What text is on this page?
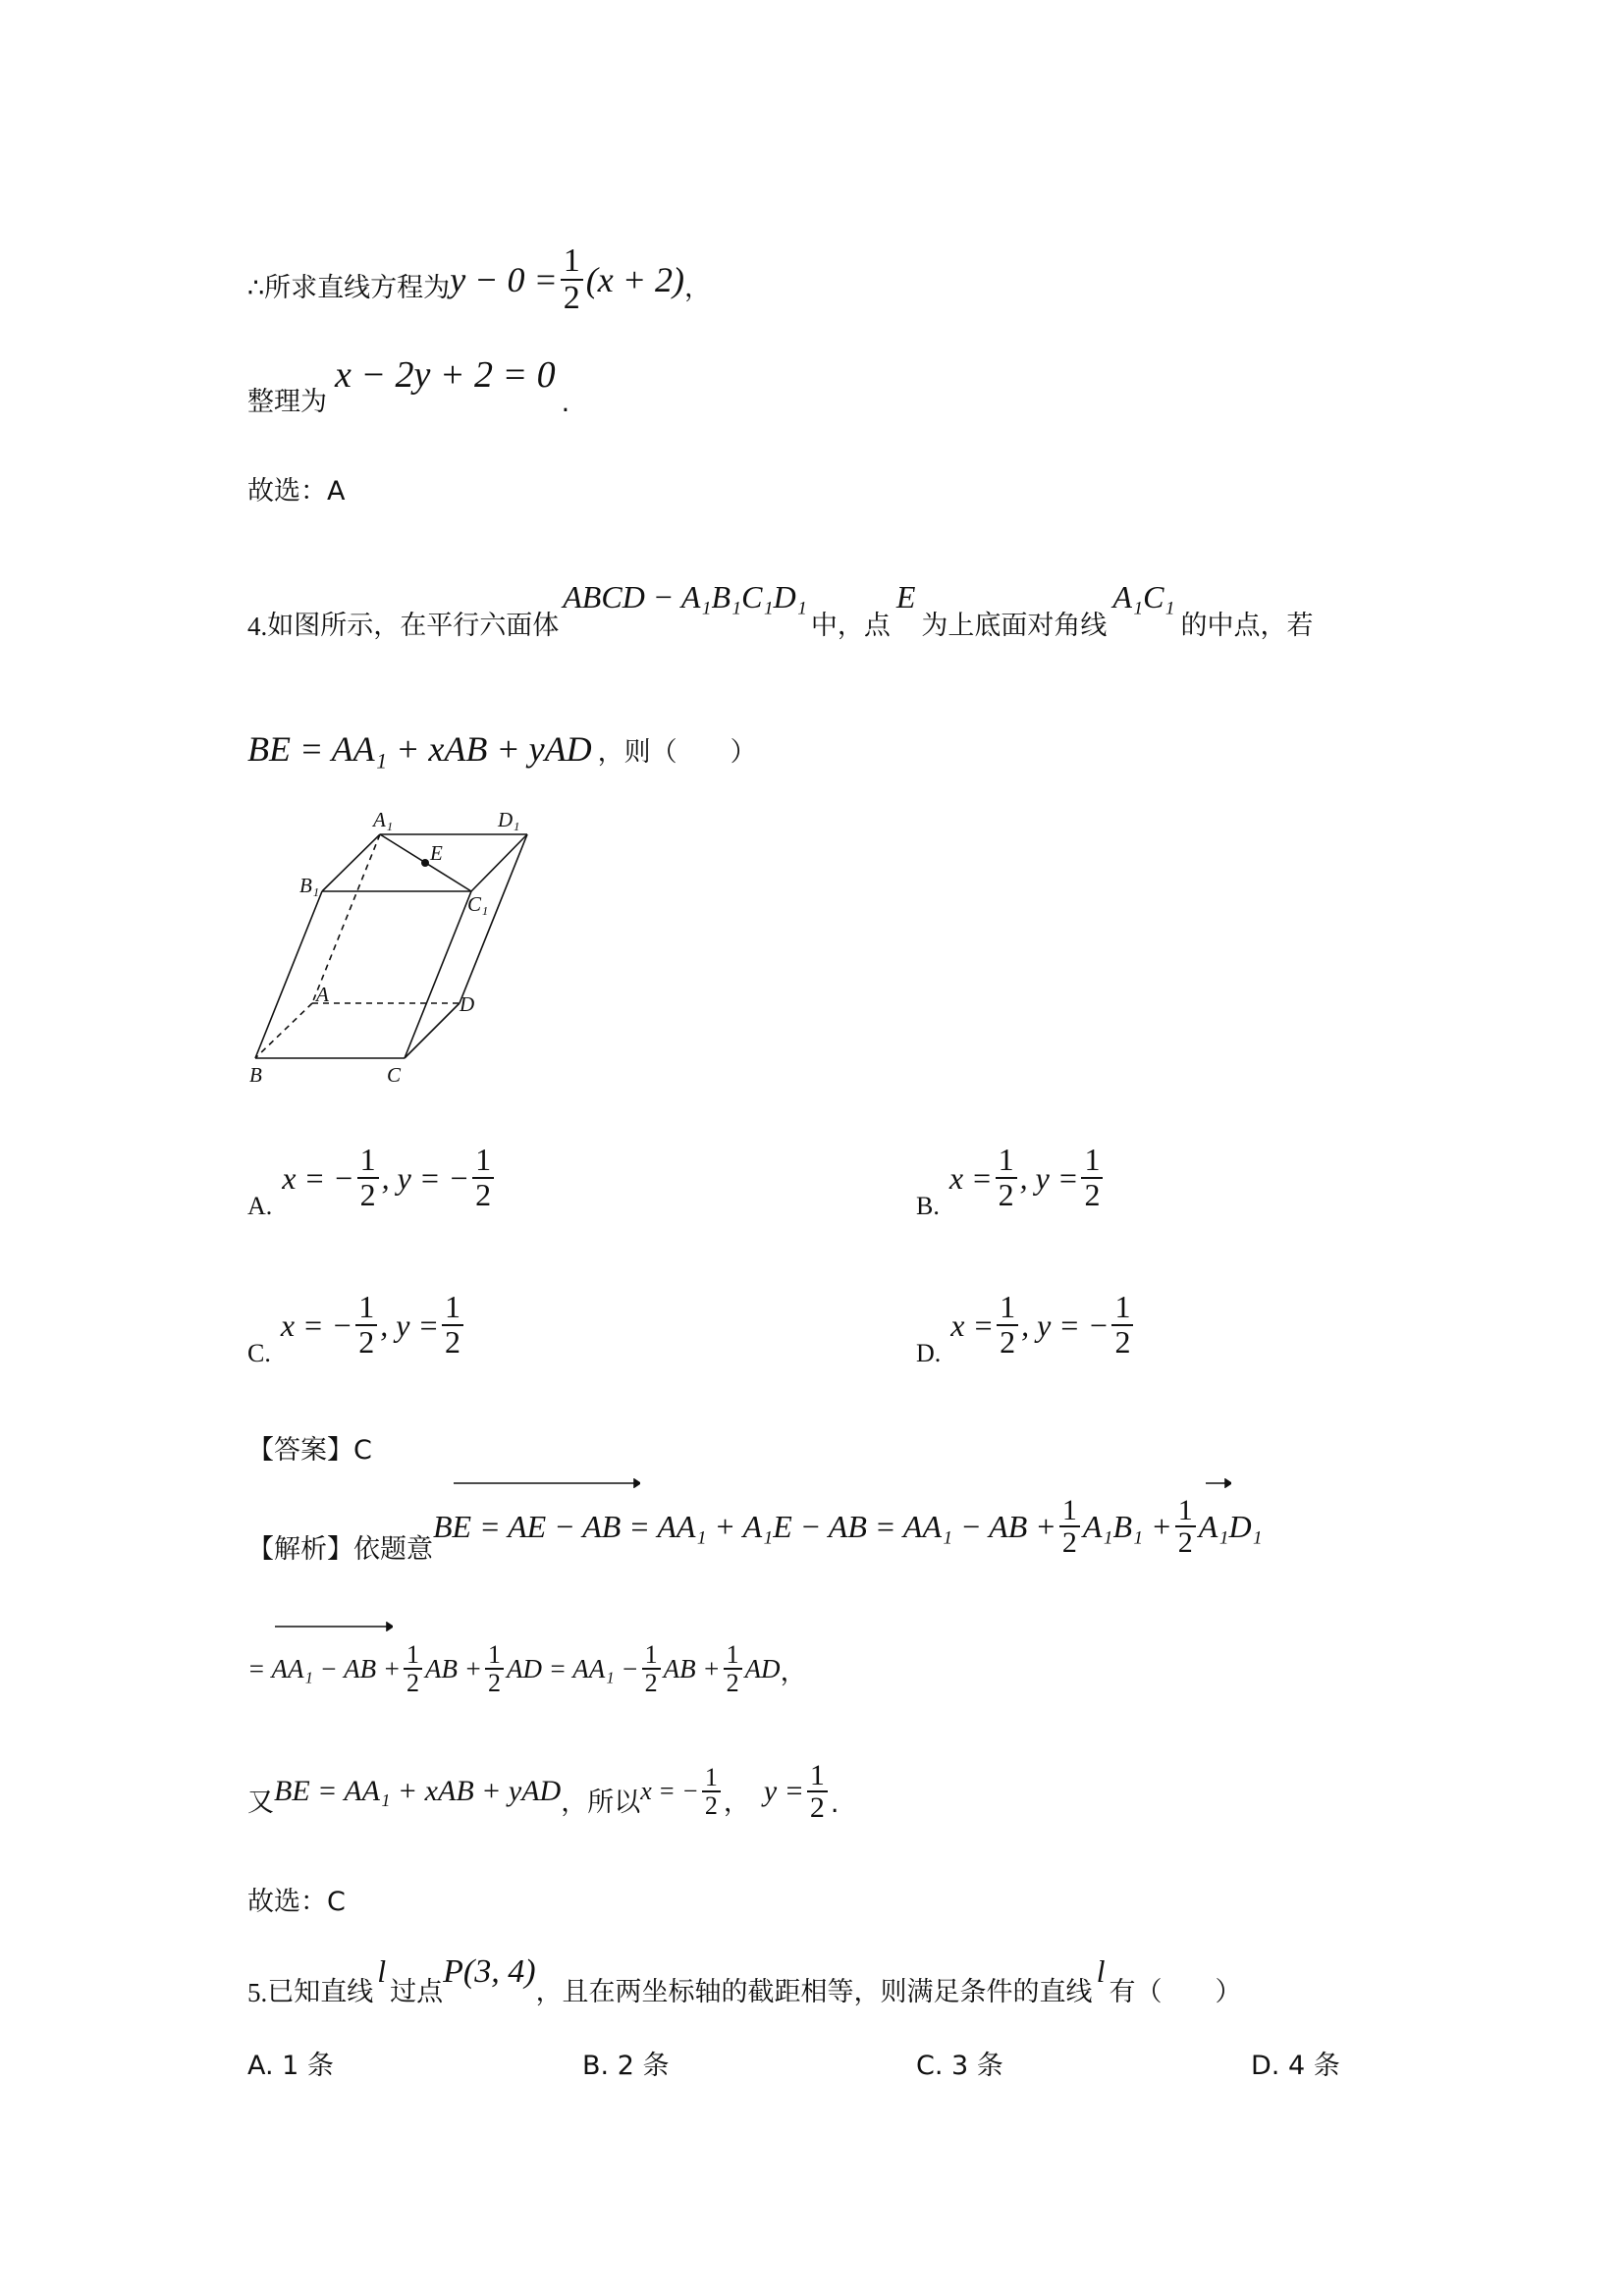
∴所求直线方程为 $y - 0 = \frac{1}{2} (x + 2)$ ，
整理为
x − 2y + 2 = 0
.
故选：A
4. 如图所示，在平行六面体
ABCD − A₁B₁C₁D₁
中，点
E
为上底面对角线
A₁C₁
的中点，若
BE = AA₁ + xAB + yAD ，则（　　）
A₁	D₁
E
B₁
C₁
A	D
B	C
A.
x = − $\frac{1}{2}$ , y = − $\frac{1}{2}$	B.
$x = \frac{1}{2}$ , $y = \frac{1}{2}$
C.
x = − $\frac{1}{2}$ , $y = \frac{1}{2}$	D.
$x = \frac{1}{2}$ , y = − $\frac{1}{2}$
【答案】C
【解析】依题意
BE = AE − AB = AA₁ + A₁E − AB = AA₁ − AB + $\frac{1}{2} A_1B_1 + \frac{1}{2} A_1D_1$
= AA₁ − AB + $\frac{1}{2}$ AB + $\frac{1}{2}$ AD = $AA_1 - \frac{1}{2}$ AB + $\frac{1}{2}$ AD ，
又 BE = AA₁ + xAB + yAD ，所以 x = − $\frac{1}{2}$ ， $y = \frac{1}{2}$ .
故选：C
5. 已知直线
l
过点
P(3, 4)
，且在两坐标轴的截距相等，则满足条件的直线
l
有（　　）
A. 1 条	B. 2 条	C. 3 条	D. 4 条
